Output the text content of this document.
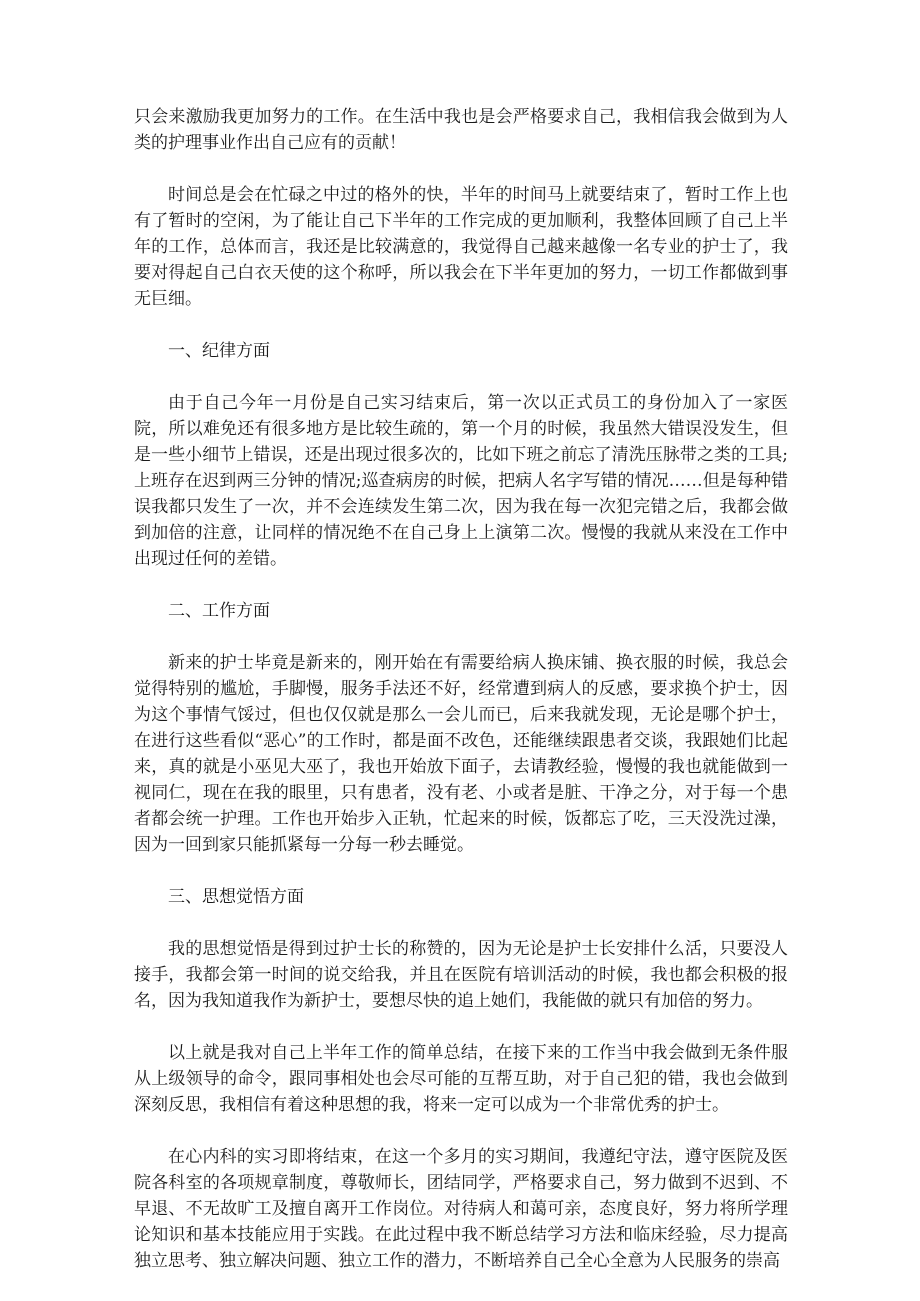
只会来激励我更加努力的工作。在生活中我也是会严格要求自己，我相信我会做到为人类的护理事业作出自己应有的贡献！

时间总是会在忙碌之中过的格外的快，半年的时间马上就要结束了，暂时工作上也有了暂时的空闲，为了能让自己下半年的工作完成的更加顺利，我整体回顾了自己上半年的工作，总体而言，我还是比较满意的，我觉得自己越来越像一名专业的护士了，我要对得起自己白衣天使的这个称呼，所以我会在下半年更加的努力，一切工作都做到事无巨细。

一、纪律方面

由于自己今年一月份是自己实习结束后，第一次以正式员工的身份加入了一家医院，所以难免还有很多地方是比较生疏的，第一个月的时候，我虽然大错误没发生，但是一些小细节上错误，还是出现过很多次的，比如下班之前忘了清洗压脉带之类的工具;上班存在迟到两三分钟的情况;巡查病房的时候，把病人名字写错的情况……但是每种错误我都只发生了一次，并不会连续发生第二次，因为我在每一次犯完错之后，我都会做到加倍的注意，让同样的情况绝不在自己身上上演第二次。慢慢的我就从来没在工作中出现过任何的差错。

二、工作方面

新来的护士毕竟是新来的，刚开始在有需要给病人换床铺、换衣服的时候，我总会觉得特别的尴尬，手脚慢，服务手法还不好，经常遭到病人的反感，要求换个护士，因为这个事情气馁过，但也仅仅就是那么一会儿而已，后来我就发现，无论是哪个护士，在进行这些看似“恶心”的工作时，都是面不改色，还能继续跟患者交谈，我跟她们比起来，真的就是小巫见大巫了，我也开始放下面子，去请教经验，慢慢的我也就能做到一视同仁，现在在我的眼里，只有患者，没有老、小或者是脏、干净之分，对于每一个患者都会统一护理。工作也开始步入正轨，忙起来的时候，饭都忘了吃，三天没洗过澡，因为一回到家只能抓紧每一分每一秒去睡觉。

三、思想觉悟方面

我的思想觉悟是得到过护士长的称赞的，因为无论是护士长安排什么活，只要没人接手，我都会第一时间的说交给我，并且在医院有培训活动的时候，我也都会积极的报名，因为我知道我作为新护士，要想尽快的追上她们，我能做的就只有加倍的努力。

以上就是我对自己上半年工作的简单总结，在接下来的工作当中我会做到无条件服从上级领导的命令，跟同事相处也会尽可能的互帮互助，对于自己犯的错，我也会做到深刻反思，我相信有着这种思想的我，将来一定可以成为一个非常优秀的护士。

在心内科的实习即将结束，在这一个多月的实习期间，我遵纪守法，遵守医院及医院各科室的各项规章制度，尊敬师长，团结同学，严格要求自己，努力做到不迟到、不早退、不无故旷工及擅自离开工作岗位。对待病人和蔼可亲，态度良好，努力将所学理论知识和基本技能应用于实践。在此过程中我不断总结学习方法和临床经验，尽力提高独立思考、独立解决问题、独立工作的潜力，不断培养自己全心全意为人民服务的崇高
